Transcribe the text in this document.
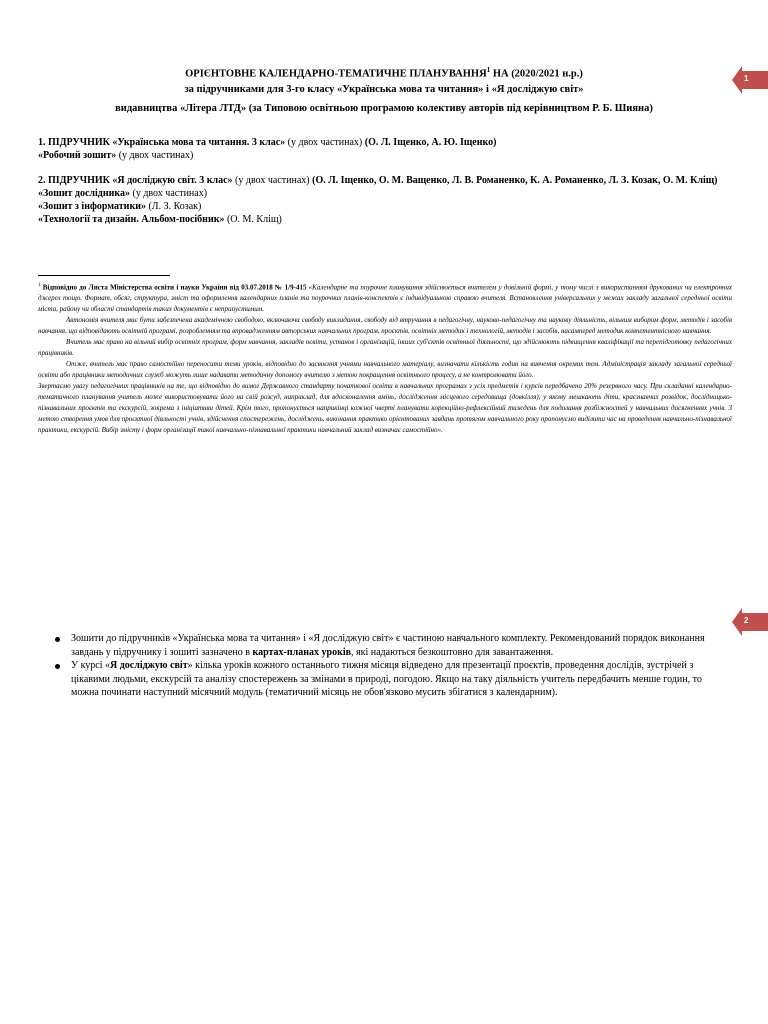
ОРІЄНТОВНЕ КАЛЕНДАРНО-ТЕМАТИЧНЕ ПЛАНУВАННЯ$^1$ НА (2020/2021 н.р.)
за підручниками для 3-го класу «Українська мова та читання» і «Я досліджую світ»
видавництва «Літера ЛТД» (за Типовою освітньою програмою колективу авторів під керівництвом Р. Б. Шияна)
1
1. ПІДРУЧНИК «Українська мова та читання. 3 клас» (у двох частинах) (О. Л. Іщенко, А. Ю. Іщенко)
«Робочий зошит» (у двох частинах)
2. ПІДРУЧНИК «Я досліджую світ. 3 клас» (у двох частинах) (О. Л. Іщенко, О. М. Ващенко, Л. В. Романенко, К. А. Романенко, Л. З. Козак, О. М. Кліщ)
«Зошит дослідника» (у двох частинах)
«Зошит з інформатики» (Л. З. Козак)
«Технології та дизайн. Альбом-посібник» (О. М. Кліщ)
$^1$ Відповідно до Листа Міністерства освіти і науки України від 03.07.2018 № 1/9-415 «Календарне та поурочне планування здійснюється вчителем у довільній формі, у тому числі з використанням друкованих чи електронних джерел тощо. Формат, обсяг, структура, зміст та оформлення календарних планів та поурочних планів-конспектів є індивідуальною справою вчителя. Встановлення універсальних у межах закладу загальної середньої освіти міста, району чи області стандартів таких документів є неприпустимим.
Автономія вчителя має бути забезпечена академічною свободою, включаючи свободу викладання, свободу від втручання в педагогічну, науково-педагогічну та наукову діяльність, вільним вибором форм, методів і засобів навчання, що відповідають освітній програмі, розробленням та впровадженням авторських навчальних програм, проєктів, освітніх методик і технологій, методів і засобів, насамперед методик компетентнісного навчання.
Вчитель має право на вільний вибір освітніх програм, форм навчання, закладів освіти, установ і організацій, інших суб'єктів освітньої діяльності, що здійснюють підвищення кваліфікації та перепідготовку педагогічних працівників.
Отже, вчитель має право самостійно переносити теми уроків, відповідно до засвоєння учнями навчального матеріалу, визначати кількість годин на вивчення окремих тем. Адміністрація закладу загальної середньої освіти або працівники методичних служб можуть лише надавати методичну допомогу вчителю з метою покращення освітнього процесу, а не контролювати його.
Звертаємо увагу педагогічних працівників на те, що відповідно до вимог Державного стандарту початкової освіти в навчальних програмах з усіх предметів і курсів передбачено 20% резервного часу. При складанні календарно-тематичного планування учитель може використовувати його на свій розсуд, наприклад, для вдосконалення вмінь, дослідження місцевого середовища (довкілля), у якому мешкають діти, краєзнавчих розвідок, дослідницько-пізнавальних проєктів та екскурсій, зокрема з ініціативи дітей. Крім того, пропонується наприкінці кожної чверті планувати корекційно-рефлексійний тиждень для подолання розбіжностей у навчальних досягненнях учнів. З метою створення умов для проєктної діяльності учнів, здійснення спостережень, досліджень, виконання практико орієнтованих завдань протягом навчального року пропонуємо виділити час на проведення навчально-пізнавальної практики, екскурсій. Вибір змісту і форм організації такої навчально-пізнавальної практики навчальний заклад визначає самостійно».
2
Зошити до підручників «Українська мова та читання» і «Я досліджую світ» є частиною навчального комплекту. Рекомендований порядок виконання завдань у підручнику і зошиті зазначено в картах-планах уроків, які надаються безкоштовно для завантаження.
У курсі «Я досліджую світ» кілька уроків кожного останнього тижня місяця відведено для презентації проєктів, проведення дослідів, зустрічей з цікавими людьми, екскурсій та аналізу спостережень за змінами в природі, погодою. Якщо на таку діяльність учитель передбачить менше годин, то можна починати наступний місячний модуль (тематичний місяць не обов'язково мусить збігатися з календарним).
